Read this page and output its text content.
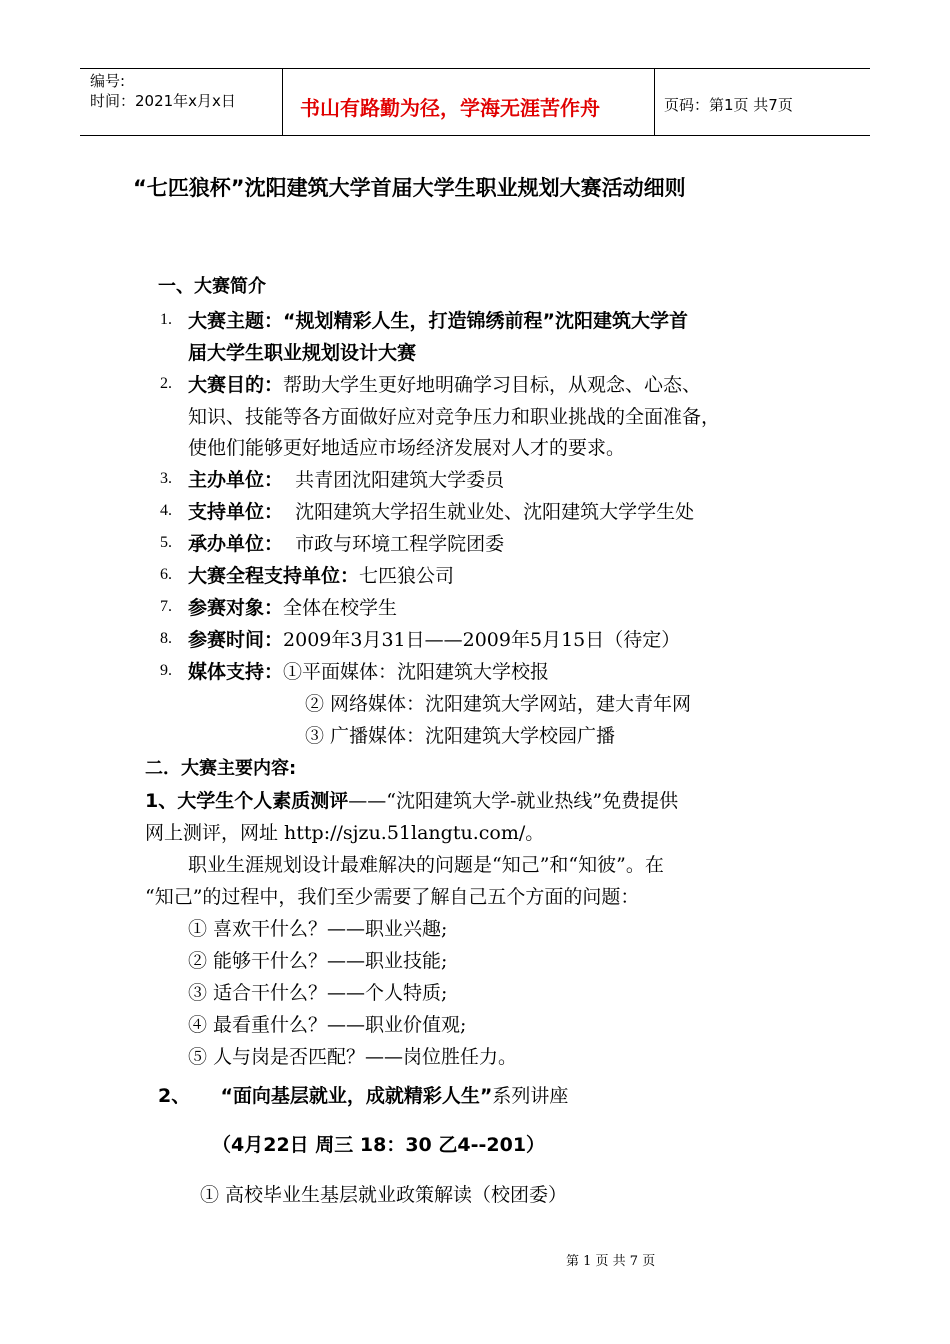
编号:
时间：2021年x月x日	书山有路勤为径，学海无涯苦作舟	页码：第1页 共7页
“七匹狼杯”沈阳建筑大学首届大学生职业规划大赛活动细则
一、大赛简介
1. 大赛主题：“规划精彩人生，打造锦绣前程”沈阳建筑大学首
届大学生职业规划设计大赛
2. 大赛目的：帮助大学生更好地明确学习目标，从观念、心态、
知识、技能等各方面做好应对竞争压力和职业挑战的全面准备，
使他们能够更好地适应市场经济发展对人才的要求。
3. 主办单位： 共青团沈阳建筑大学委员
4. 支持单位： 沈阳建筑大学招生就业处、沈阳建筑大学学生处
5. 承办单位： 市政与环境工程学院团委
6. 大赛全程支持单位：七匹狼公司
7. 参赛对象：全体在校学生
8. 参赛时间：2009年3月31日——2009年5月15日（待定）
9. 媒体支持：①平面媒体：沈阳建筑大学校报
② 网络媒体：沈阳建筑大学网站，建大青年网
③ 广播媒体：沈阳建筑大学校园广播
二．大赛主要内容:
1、大学生个人素质测评——“沈阳建筑大学-就业热线”免费提供
网上测评，网址 http://sjzu.51langtu.com/。
职业生涯规划设计最难解决的问题是“知己”和“知彼”。在
“知己”的过程中，我们至少需要了解自己五个方面的问题：
① 喜欢干什么？——职业兴趣;
② 能够干什么？——职业技能;
③ 适合干什么？——个人特质;
④ 最看重什么？——职业价值观;
⑤ 人与岗是否匹配？——岗位胜任力。
2、 “面向基层就业，成就精彩人生”系列讲座
（4月22日 周三 18：30 乙4--201）
① 高校毕业生基层就业政策解读（校团委）
第 1 页 共 7 页
